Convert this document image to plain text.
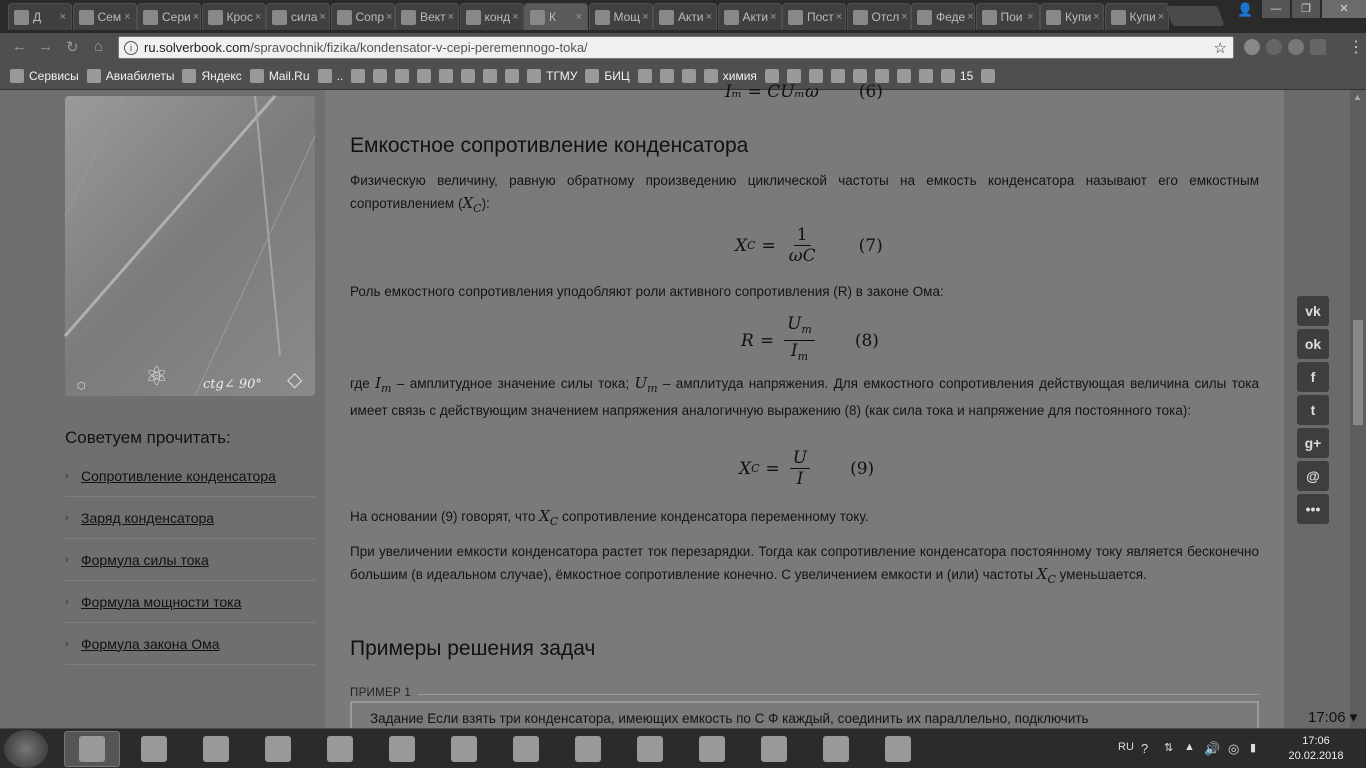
Д	×	Сем ×	Сери × Крос × сила × Сопр × Вект ×	конд ×	К	×	Мощ × Акти ×	Акти ×	Пост × Отсл × Феде × Пои ×	Купи × Купи ×	👤	—	❐	✕
← → ↻ ⌂	i ru.solverbook.com/spravochnik/fizika/kondensator-v-cepi-peremennogo-toka/	☆	⋮
Сервисы Авиабилеты Яндекс Mail.Ru ..	ТГМУ БИЦ	химия	15
⬡ ⚛	ctg∠ 90° ◇
Советуем прочитать:
› Сопротивление конденсатора
› Заряд конденсатора
› Формула силы тока
› Формула мощности тока
› Формула закона Ома
Iₘ = CUₘω (6)
Емкостное сопротивление конденсатора
Физическую величину, равную обратному произведению циклической частоты на емкость конденсатора называют его емкостным сопротивлением $(X_C)$:
X $C = \frac{1}{\omega C} (7)$
Роль емкостного сопротивления уподобляют роли активного сопротивления (R) в законе Ома:
$R = \frac{U_m}{I_m} (8)$
где $I_m$ – амплитудное значение силы тока; $U_m$ – амплитуда напряжения. Для емкостного сопротивления действующая величина силы тока имеет связь с действующим значением напряжения аналогичную выражению (8) (как сила тока и напряжение для постоянного тока):
X $C = \frac{U}{I} (9)$
На основании (9) говорят, что $X_C$ сопротивление конденсатора переменному току.
При увеличении емкости конденсатора растет ток перезарядки. Тогда как сопротивление конденсатора постоянному току является бесконечно большим (в идеальном случае), ёмкостное сопротивление конечно. С увеличением емкости и (или) частоты $X_C$ уменьшается.
Примеры решения задач
ПРИМЕР 1
Задание Если взять три конденсатора, имеющих емкость по С Ф каждый, соединить их параллельно, подключить
vk
ok
f
t
g+
@
•••
▲
17:06 ▾
RU ? ⇅ ▲ 🔊 ◎ ▮
17:06
20.02.2018
